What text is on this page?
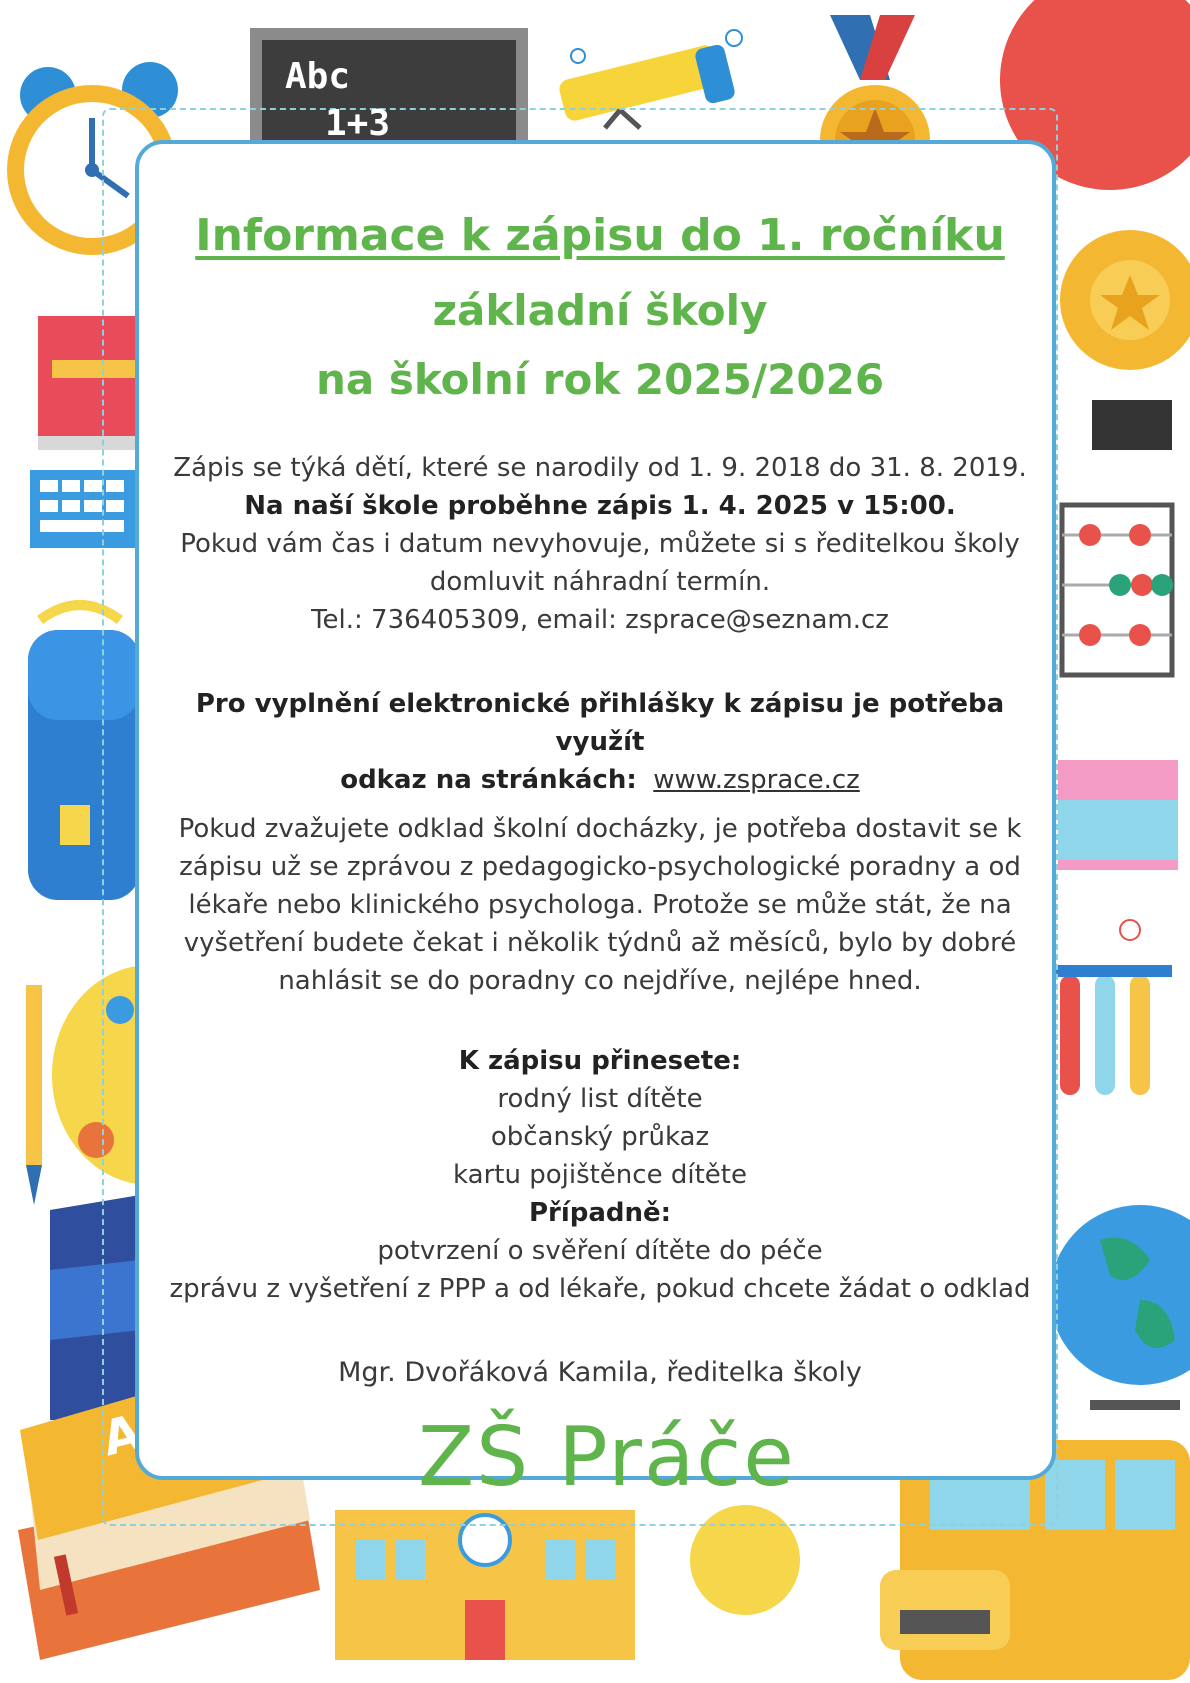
Abc
1+3
Informace k zápisu do 1. ročníku
základní školy
na školní rok 2025/2026
Zápis se týká dětí, které se narodily od 1. 9. 2018 do 31. 8. 2019.
Na naší škole proběhne zápis 1. 4. 2025 v 15:00.
Pokud vám čas i datum nevyhovuje, můžete si s ředitelkou školy
domluvit náhradní termín.
Tel.: 736405309, email: zsprace@seznam.cz
Pro vyplnění elektronické přihlášky k zápisu je potřeba využít
odkaz na stránkách: www.zsprace.cz
Pokud zvažujete odklad školní docházky, je potřeba dostavit se k
zápisu už se zprávou z pedagogicko-psychologické poradny a od
lékaře nebo klinického psychologa. Protože se může stát, že na
vyšetření budete čekat i několik týdnů až měsíců, bylo by dobré
nahlásit se do poradny co nejdříve, nejlépe hned.
K zápisu přinesete:
rodný list dítěte
občanský průkaz
kartu pojištěnce dítěte
Případně:
potvrzení o svěření dítěte do péče
zprávu z vyšetření z PPP a od lékaře, pokud chcete žádat o odklad
Mgr. Dvořáková Kamila, ředitelka školy
ZŠ Práče
